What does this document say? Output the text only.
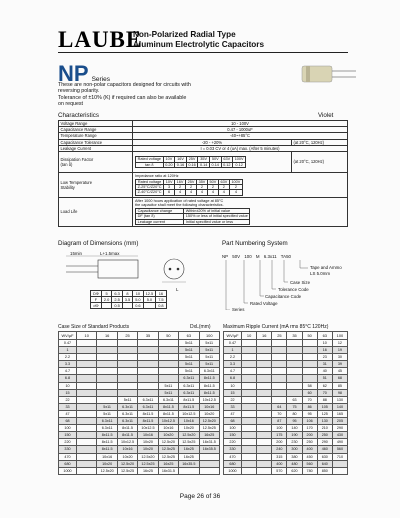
LAUBE
Non-Polarized Radial Type
Aluminum Electrolytic Capacitors
NP Series
These are non-polar capacitors designed for circuits with
reversing polarity.
Tolerance of ±10% (K) if required can also be available
on request
Characteristics	Violet
Voltage Range	10 - 100V
Capacitance Range	0.47 - 1000uF
Temperature Range	-40~+85°C
Capacitance Tolerance	-20 - +20%	(at 20°C, 120Hz)
Leakage Current	I = 0.03 CV or 4 (uA) max. (After 5 minutes)

Dissipation Factor
(tan δ)

Rated voltage	10V	16V	25V	35V	50V	63V	100V
tan δ	0.20	0.16	0.16	0.14	0.14	0.12	0.12
	(at 20°C, 120Hz)

Low Temperature
Stability

Impedance ratio at 120Hz
Rated voltage	10V	16V	25V	35V	50V	63V	100V
Z-25°C/Z20°C	3	2	2	2	2	2	2
Z-40°C/Z20°C	6	4	4	4	4	4	4

Load Life	
After 1000 hours application of rated voltage at 85°C
the capacitor shall meet the following characteristics.
Capacitance change	Within±20% of initial value
DF (tan δ)	150% or less of initial specified value
Leakage current	Initial specified value or less
Diagram of Dimensions (mm)
L+1.5max
15min
L
DΦ	5	6.3	8	10	12.5	16
F	2.0	2.5	3.5	5.0	5.0	7.5
dΦ		0.5		0.6		0.8
Part Numbering System
NP 50V 100 M 6.3x11 TA50
Tape and Ammo
LS 5.0mm
Case Size
Tolerance Code
Capacitance Code
Rated Voltage
Series
Case Size of Standard Products	DxL(mm) Maximum Ripple Current (mA rms 85°C 120Hz)
WV/µF	10	16	25	35	50	63	100
0.47						5x11	5x11
1						5x11	5x11
2.2						5x11	5x11
3.3						5x11	5x11
4.7						5x11	6.3x11
6.8						6.3x11	8x11.5
10					5x11	6.3x11	8x11.5
15					5x11	6.3x11	8x11.5
22			5x11	6.3x11	6.3x11	8x11.5	10x12.5
33		5x11	6.3x11	6.3x11	8x11.5	8x11.5	10x16
47		5x11	6.3x11	8x11.5	8x11.5	10x12.5	10x20
68		6.3x11	6.3x11	8x11.5	10x12.5	10x16	12.5x20
100		6.3x11	8x11.5	10x12.5	10x16	10x20	12.5x25
150		8x11.5	8x11.5	10x16	10x20	12.5x20	16x25
220		8x11.5	10x12.5	10x20	12.5x20	12.5x25	16x31.5
330		8x11.5	10x16	10x20	12.5x25	16x25	16x35.5
470		10x16	10x20	12.5x20	12.5x25	16x25	
680		10x20	12.5x20	12.5x25	16x25	16x35.5	
1000		12.5x20	12.5x25	16x25	16x31.5		
WV/µF	10	16	25	35	50	63	100
0.47						10	12
1						16	19
2.2						23	30
3.3						31	39
4.7						40	45
6.8						51	68
10					58	62	85
15					60	70	98
22				63	70	88	130
33			64	75	86	105	140
47			70	80	95	125	165
68			87	95	106	130	205
100			100	140	170	210	290
150			175	190	200	250	430
220			200	230	250	290	490
330			240	300	400	460	560
470			315	380	450	630	710
680			400	480	560	640	
1000			570	620	780	850	
Page 26 of 36
